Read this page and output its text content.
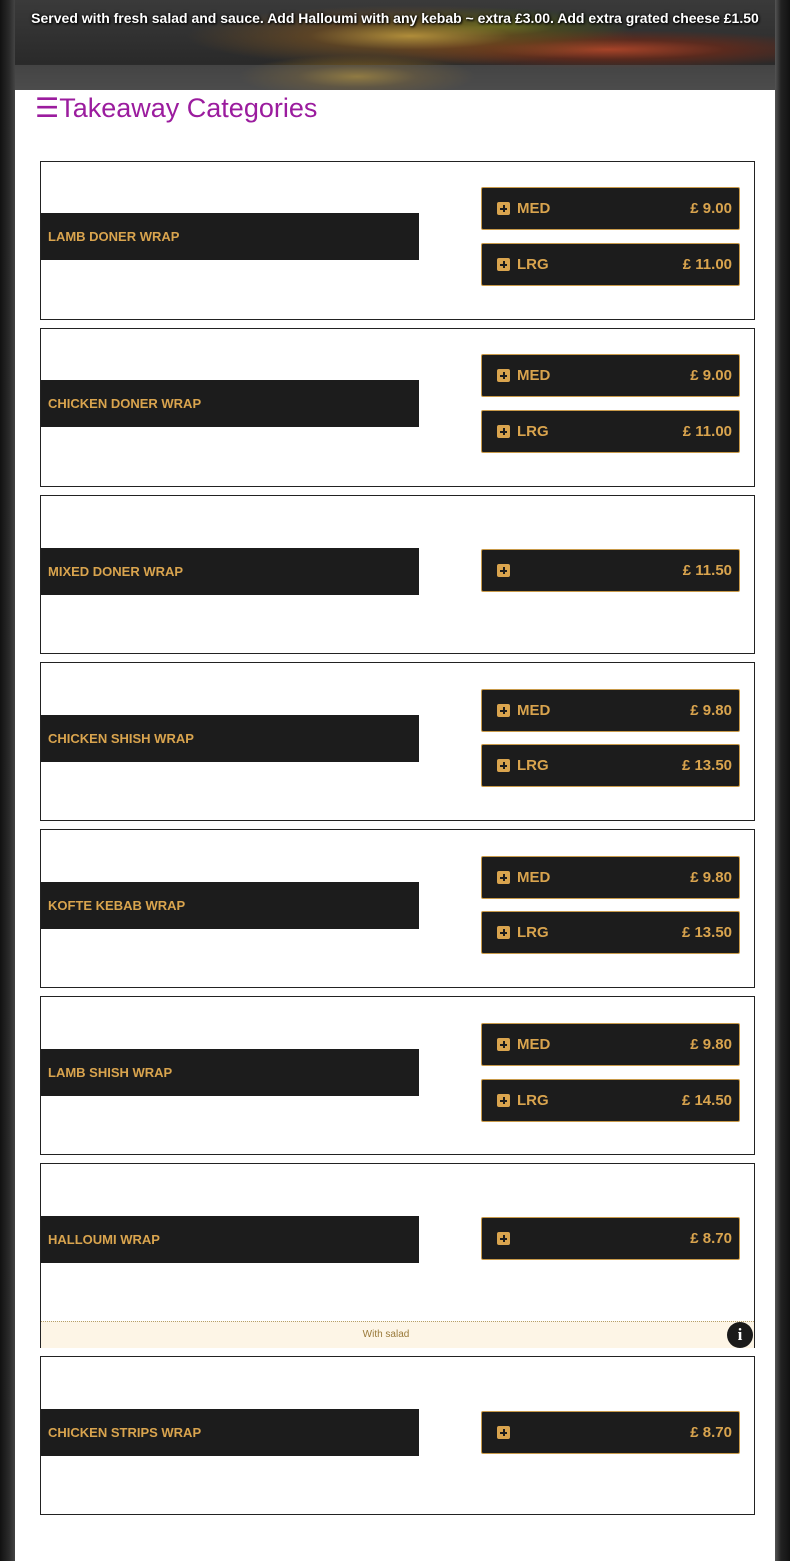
Served with fresh salad and sauce. Add Halloumi with any kebab ~ extra £3.00. Add extra grated cheese £1.50
☰Takeaway Categories
LAMB DONER WRAP
MED	£ 9.00
LRG	£ 11.00
CHICKEN DONER WRAP
MED	£ 9.00
LRG	£ 11.00
MIXED DONER WRAP	£ 11.50
CHICKEN SHISH WRAP
MED	£ 9.80
LRG	£ 13.50
KOFTE KEBAB WRAP
MED	£ 9.80
LRG	£ 13.50
LAMB SHISH WRAP
MED	£ 9.80
LRG	£ 14.50
HALLOUMI WRAP	£ 8.70
With salad	i
CHICKEN STRIPS WRAP	£ 8.70
